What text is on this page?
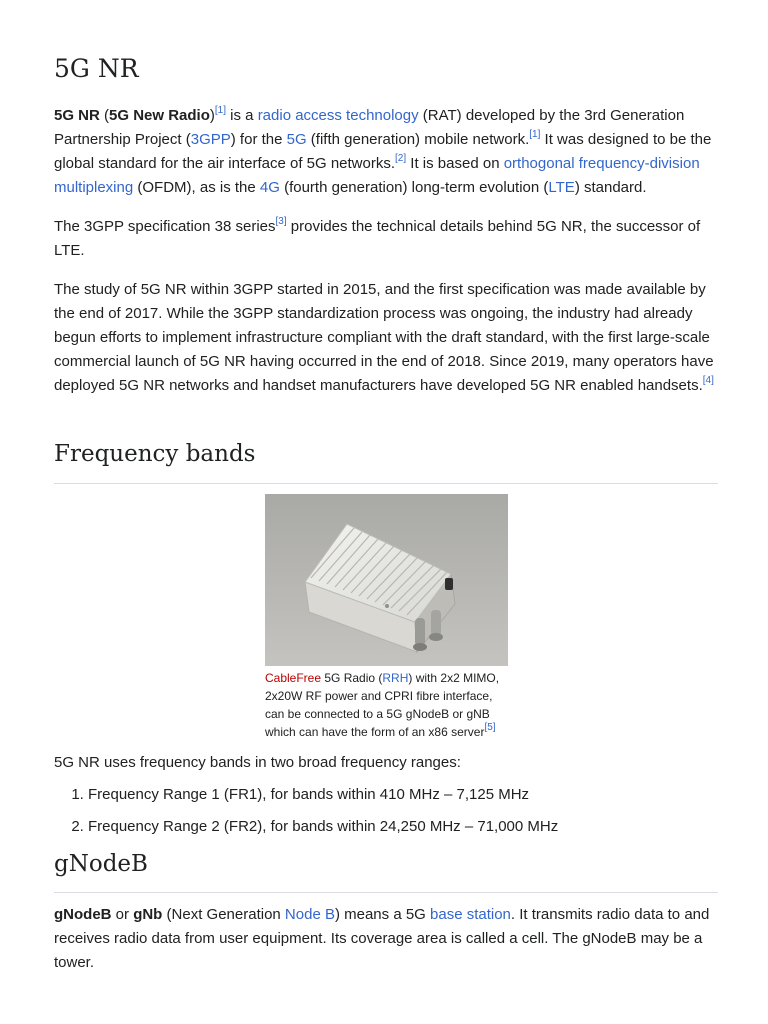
5G NR

5G NR (5G New Radio)[1] is a radio access technology (RAT) developed by the 3rd Generation Partnership Project (3GPP) for the 5G (fifth generation) mobile network.[1] It was designed to be the global standard for the air interface of 5G networks.[2] It is based on orthogonal frequency-division multiplexing (OFDM), as is the 4G (fourth generation) long-term evolution (LTE) standard.

The 3GPP specification 38 series[3] provides the technical details behind 5G NR, the successor of LTE.

The study of 5G NR within 3GPP started in 2015, and the first specification was made available by the end of 2017. While the 3GPP standardization process was ongoing, the industry had already begun efforts to implement infrastructure compliant with the draft standard, with the first large-scale commercial launch of 5G NR having occurred in the end of 2018. Since 2019, many operators have deployed 5G NR networks and handset manufacturers have developed 5G NR enabled handsets.[4]

Frequency bands
CableFree 5G Radio (RRH) with 2x2 MIMO, 2x20W RF power and CPRI fibre interface, can be connected to a 5G gNodeB or gNB which can have the form of an x86 server[5]

5G NR uses frequency bands in two broad frequency ranges:

1. Frequency Range 1 (FR1), for bands within 410 MHz – 7,125 MHz
2. Frequency Range 2 (FR2), for bands within 24,250 MHz – 71,000 MHz
gNodeB

gNodeB or gNb (Next Generation Node B) means a 5G base station. It transmits radio data to and receives radio data from user equipment. Its coverage area is called a cell. The gNodeB may be a tower.
